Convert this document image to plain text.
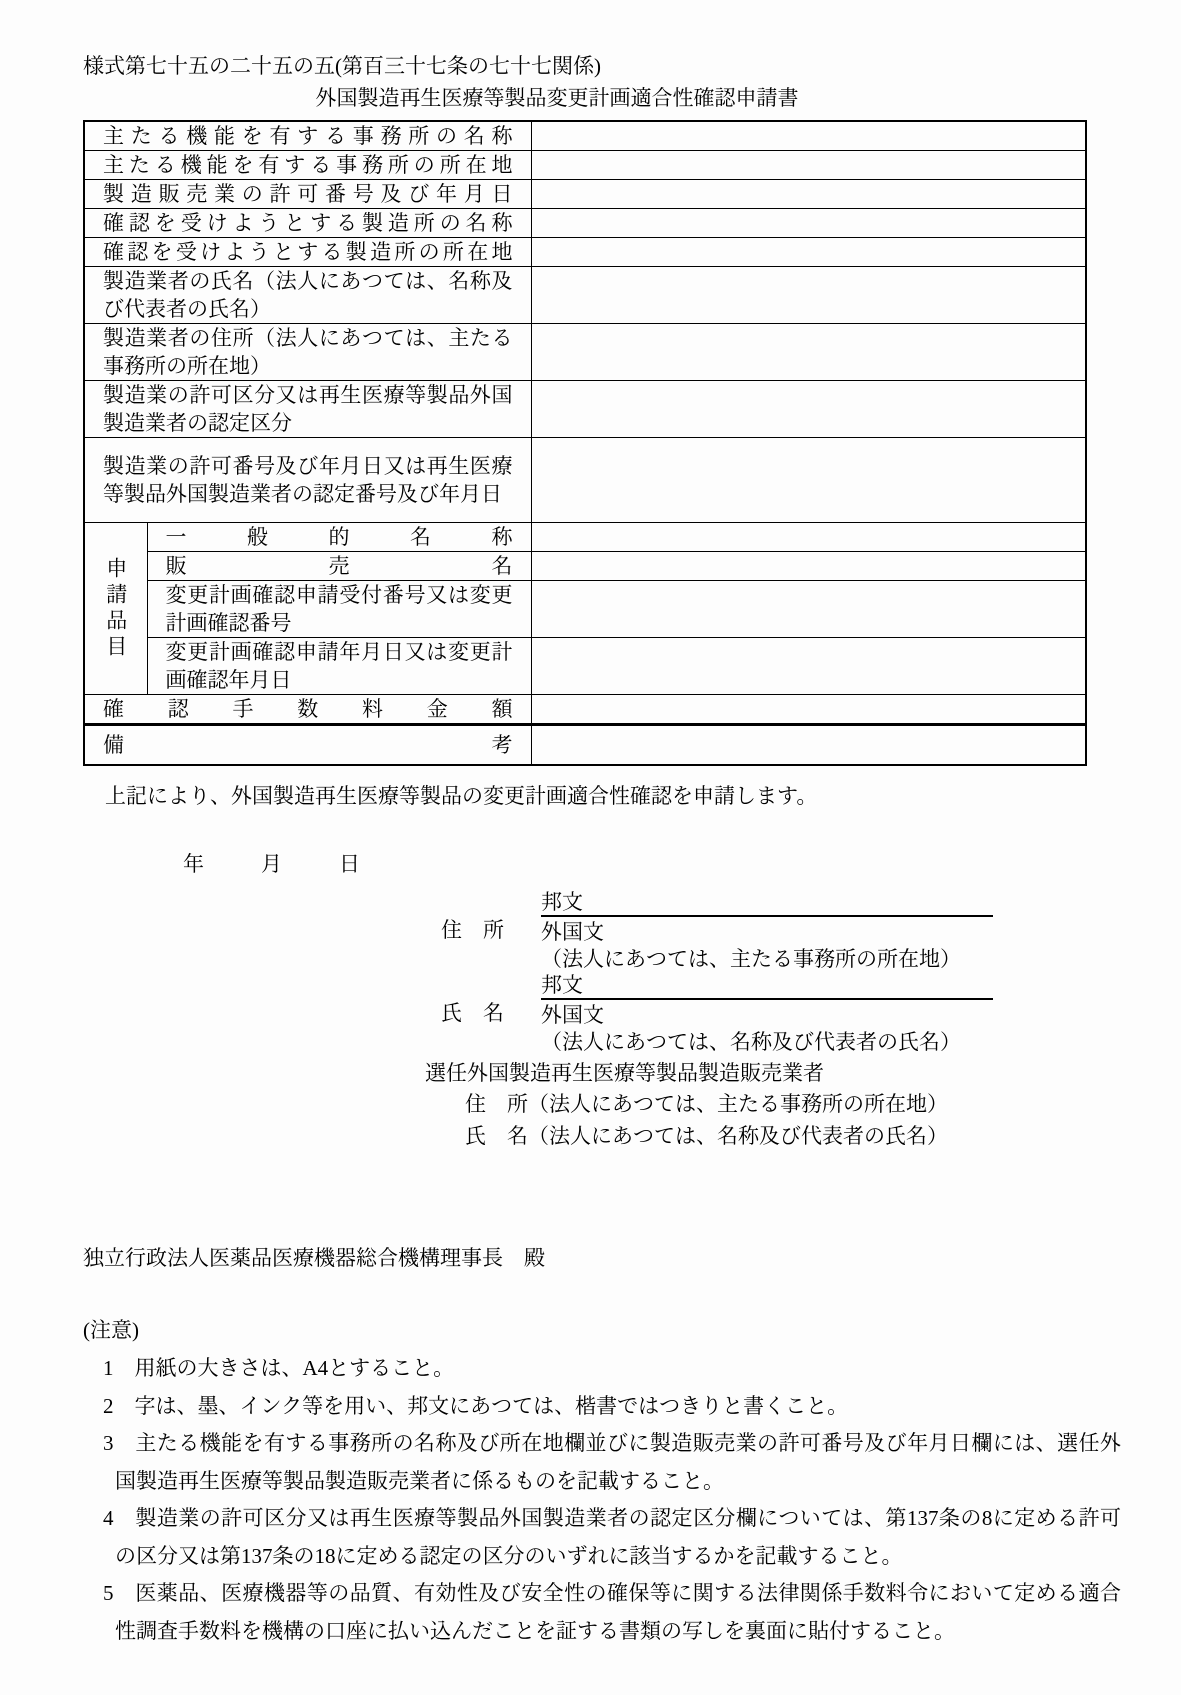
様式第七十五の二十五の五(第百三十七条の七十七関係)
外国製造再生医療等製品変更計画適合性確認申請書
主たる機能を有する事務所の名称		
主たる機能を有する事務所の所在地		
製造販売業の許可番号及び年月日		
確認を受けようとする製造所の名称		
確認を受けようとする製造所の所在地		
製造業者の氏名（法人にあつては、名称及び代表者の氏名）		
製造業者の住所（法人にあつては、主たる事務所の所在地）		
製造業の許可区分又は再生医療等製品外国製造業者の認定区分		
製造業の許可番号及び年月日又は再生医療等製品外国製造業者の認定番号及び年月日		
申請品目	一般的名称	
	販売名	
	変更計画確認申請受付番号又は変更計画確認番号	
	変更計画確認申請年月日又は変更計画確認年月日	
確認手数料金額		
備考		
上記により、外国製造再生医療等製品の変更計画適合性確認を申請します。
年	月	日
住　所
邦文
外国文
（法人にあつては、主たる事務所の所在地）
氏　名
邦文
外国文
（法人にあつては、名称及び代表者の氏名）
選任外国製造再生医療等製品製造販売業者
住　所（法人にあつては、主たる事務所の所在地）
氏　名（法人にあつては、名称及び代表者の氏名）
独立行政法人医薬品医療機器総合機構理事長　殿
(注意)
1　用紙の大きさは、A4とすること。
2　字は、墨、インク等を用い、邦文にあつては、楷書ではつきりと書くこと。
3　主たる機能を有する事務所の名称及び所在地欄並びに製造販売業の許可番号及び年月日欄には、選任外国製造再生医療等製品製造販売業者に係るものを記載すること。
4　製造業の許可区分又は再生医療等製品外国製造業者の認定区分欄については、第137条の8に定める許可の区分又は第137条の18に定める認定の区分のいずれに該当するかを記載すること。
5　医薬品、医療機器等の品質、有効性及び安全性の確保等に関する法律関係手数料令において定める適合性調査手数料を機構の口座に払い込んだことを証する書類の写しを裏面に貼付すること。
